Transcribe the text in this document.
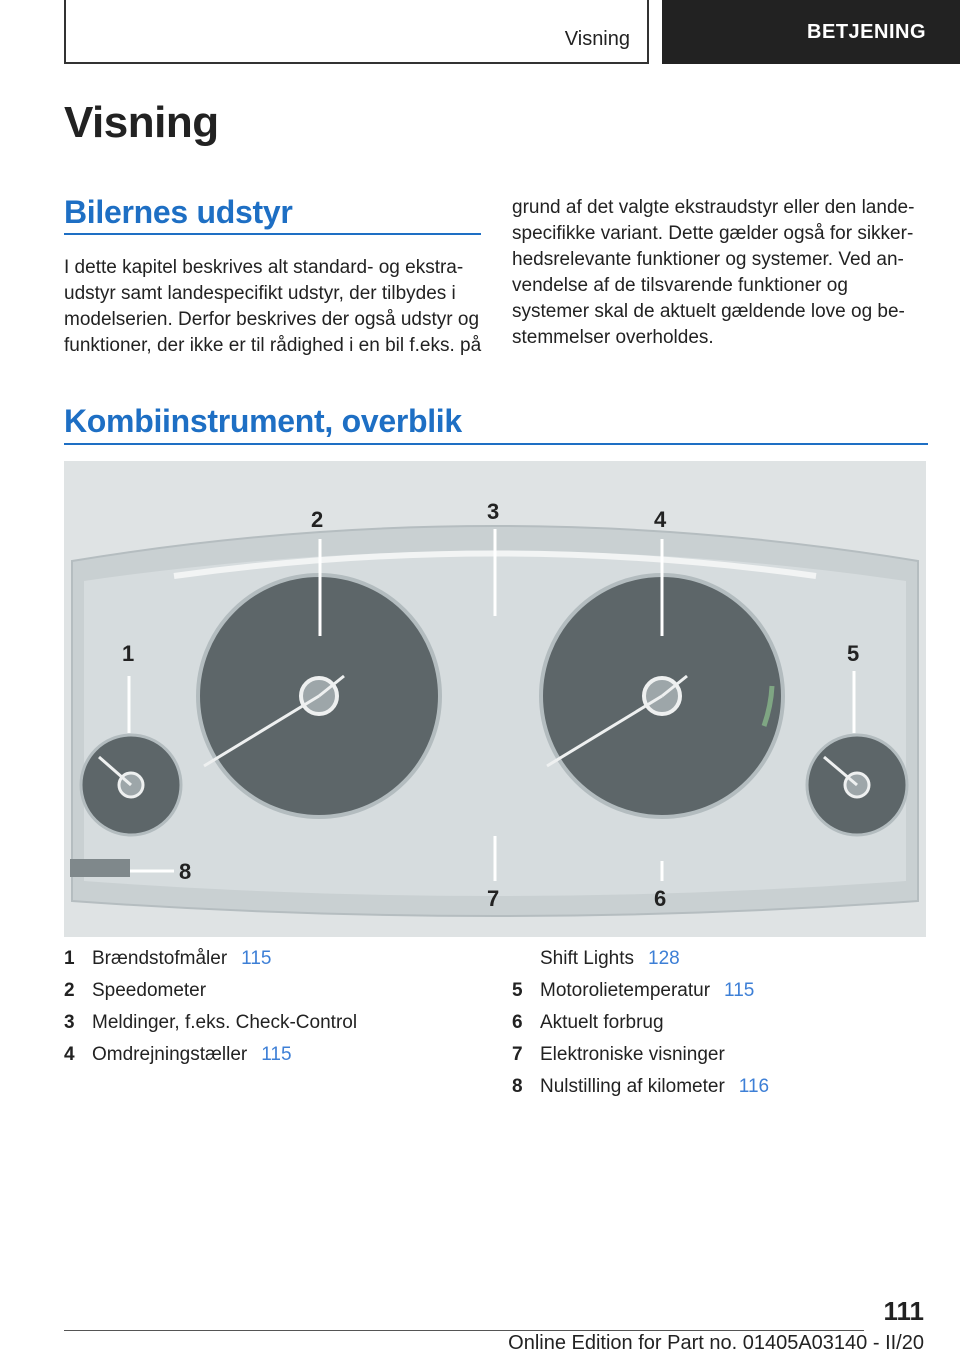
Visning	BETJENING
Visning
Bilernes udstyr

I dette kapitel beskrives alt standard- og ekstra-
udstyr samt landespecifikt udstyr, der tilbydes i
modelserien. Derfor beskrives der også udstyr og
funktioner, der ikke er til rådighed i en bil f.eks. på

grund af det valgte ekstraudstyr eller den lande-
specifikke variant. Dette gælder også for sikker-
hedsrelevante funktioner og systemer. Ved an-
vendelse af de tilsvarende funktioner og
systemer skal de aktuelt gældende love og be-
stemmelser overholdes.

Kombiinstrument, overblik
1
2	3	4
5
6
7
8
1 Brændstofmåler 115
2 Speedometer
3 Meldinger, f.eks. Check-Control
4 Omdrejningstæller 115
Shift Lights 128
5 Motorolietemperatur 115
6 Aktuelt forbrug
7 Elektroniske visninger
8 Nulstilling af kilometer 116
111
Online Edition for Part no. 01405A03140 - II/20
